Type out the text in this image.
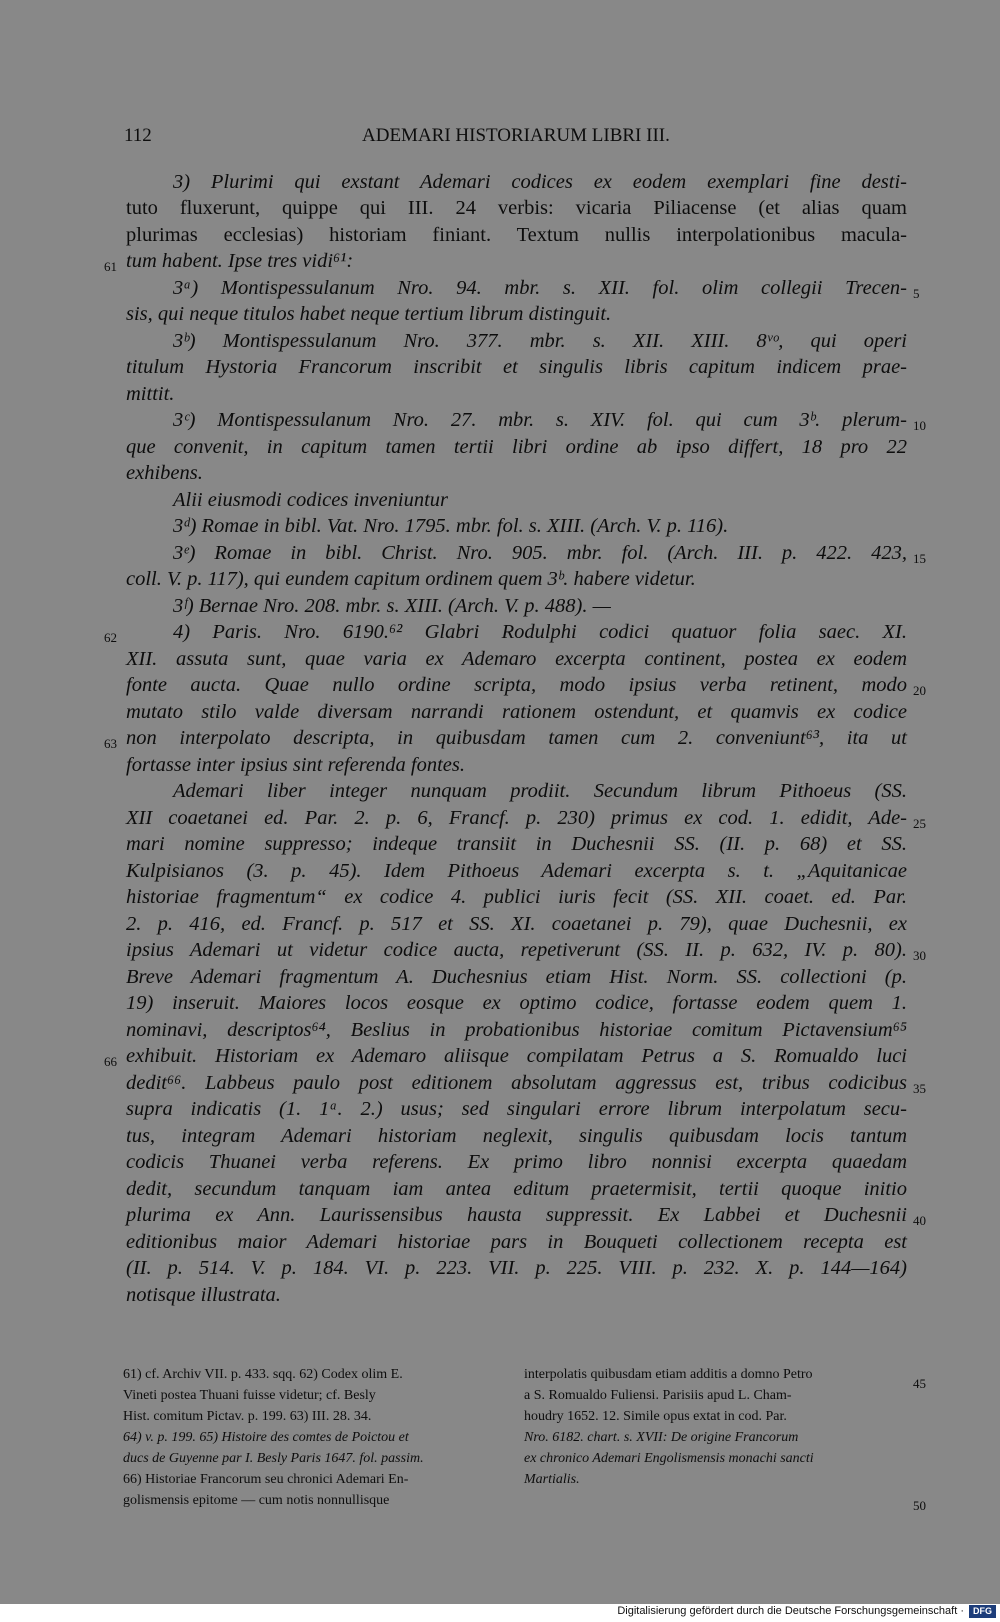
112	ADEMARI HISTORIARUM LIBRI III.
3) Plurimi qui exstant Ademari codices ex eodem exemplari fine desti-
tuto fluxerunt, quippe qui III. 24 verbis: vicaria Piliacense (et alias quam
plurimas ecclesias) historiam finiant. Textum nullis interpolationibus macula-
tum habent. Ipse tres vidi⁶¹:
3ᵃ) Montispessulanum Nro. 94. mbr. s. XII. fol. olim collegii Trecen-
sis, qui neque titulos habet neque tertium librum distinguit.
3ᵇ) Montispessulanum Nro. 377. mbr. s. XII. XIII. 8ᵛᵒ, qui operi
titulum Hystoria Francorum inscribit et singulis libris capitum indicem prae-
mittit.
3ᶜ) Montispessulanum Nro. 27. mbr. s. XIV. fol. qui cum 3ᵇ. plerum-
que convenit, in capitum tamen tertii libri ordine ab ipso differt, 18 pro 22
exhibens.
Alii eiusmodi codices inveniuntur
3ᵈ) Romae in bibl. Vat. Nro. 1795. mbr. fol. s. XIII. (Arch. V. p. 116).
3ᵉ) Romae in bibl. Christ. Nro. 905. mbr. fol. (Arch. III. p. 422. 423,
coll. V. p. 117), qui eundem capitum ordinem quem 3ᵇ. habere videtur.
3ᶠ) Bernae Nro. 208. mbr. s. XIII. (Arch. V. p. 488). —
4) Paris. Nro. 6190.⁶² Glabri Rodulphi codici quatuor folia saec. XI.
XII. assuta sunt, quae varia ex Ademaro excerpta continent, postea ex eodem
fonte aucta. Quae nullo ordine scripta, modo ipsius verba retinent, modo
mutato stilo valde diversam narrandi rationem ostendunt, et quamvis ex codice
non interpolato descripta, in quibusdam tamen cum 2. conveniunt⁶³, ita ut
fortasse inter ipsius sint referenda fontes.
Ademari liber integer nunquam prodiit. Secundum librum Pithoeus (SS.
XII coaetanei ed. Par. 2. p. 6, Francf. p. 230) primus ex cod. 1. edidit, Ade-
mari nomine suppresso; indeque transiit in Duchesnii SS. (II. p. 68) et SS.
Kulpisianos (3. p. 45). Idem Pithoeus Ademari excerpta s. t. „Aquitanicae
historiae fragmentum“ ex codice 4. publici iuris fecit (SS. XII. coaet. ed. Par.
2. p. 416, ed. Francf. p. 517 et SS. XI. coaetanei p. 79), quae Duchesnii, ex
ipsius Ademari ut videtur codice aucta, repetiverunt (SS. II. p. 632, IV. p. 80).
Breve Ademari fragmentum A. Duchesnius etiam Hist. Norm. SS. collectioni (p.
19) inseruit. Maiores locos eosque ex optimo codice, fortasse eodem quem 1.
nominavi, descriptos⁶⁴, Beslius in probationibus historiae comitum Pictavensium⁶⁵
exhibuit. Historiam ex Ademaro aliisque compilatam Petrus a S. Romualdo luci
dedit⁶⁶. Labbeus paulo post editionem absolutam aggressus est, tribus codicibus
supra indicatis (1. 1ᵃ. 2.) usus; sed singulari errore librum interpolatum secu-
tus, integram Ademari historiam neglexit, singulis quibusdam locis tantum
codicis Thuanei verba referens. Ex primo libro nonnisi excerpta quaedam
dedit, secundum tanquam iam antea editum praetermisit, tertii quoque initio
plurima ex Ann. Laurissensibus hausta suppressit. Ex Labbei et Duchesnii
editionibus maior Ademari historiae pars in Bouqueti collectionem recepta est
(II. p. 514. V. p. 184. VI. p. 223. VII. p. 225. VIII. p. 232. X. p. 144—164)
notisque illustrata.
5
10
15
20
25
30
35
40
45
50
61
62
63
66
61) cf. Archiv VII. p. 433. sqq. 62) Codex olim E.
Vineti postea Thuani fuisse videtur; cf. Besly
Hist. comitum Pictav. p. 199. 63) III. 28. 34.
64) v. p. 199. 65) Histoire des comtes de Poictou et
ducs de Guyenne par I. Besly Paris 1647. fol. passim.
66) Historiae Francorum seu chronici Ademari En-
golismensis epitome — cum notis nonnullisque
interpolatis quibusdam etiam additis a domno Petro
a S. Romualdo Fuliensi. Parisiis apud L. Cham-
houdry 1652. 12. Simile opus extat in cod. Par.
Nro. 6182. chart. s. XVII: De origine Francorum
ex chronico Ademari Engolismensis monachi sancti
Martialis.
Digitalisierung gefördert durch die Deutsche Forschungsgemeinschaft ·	DFG
